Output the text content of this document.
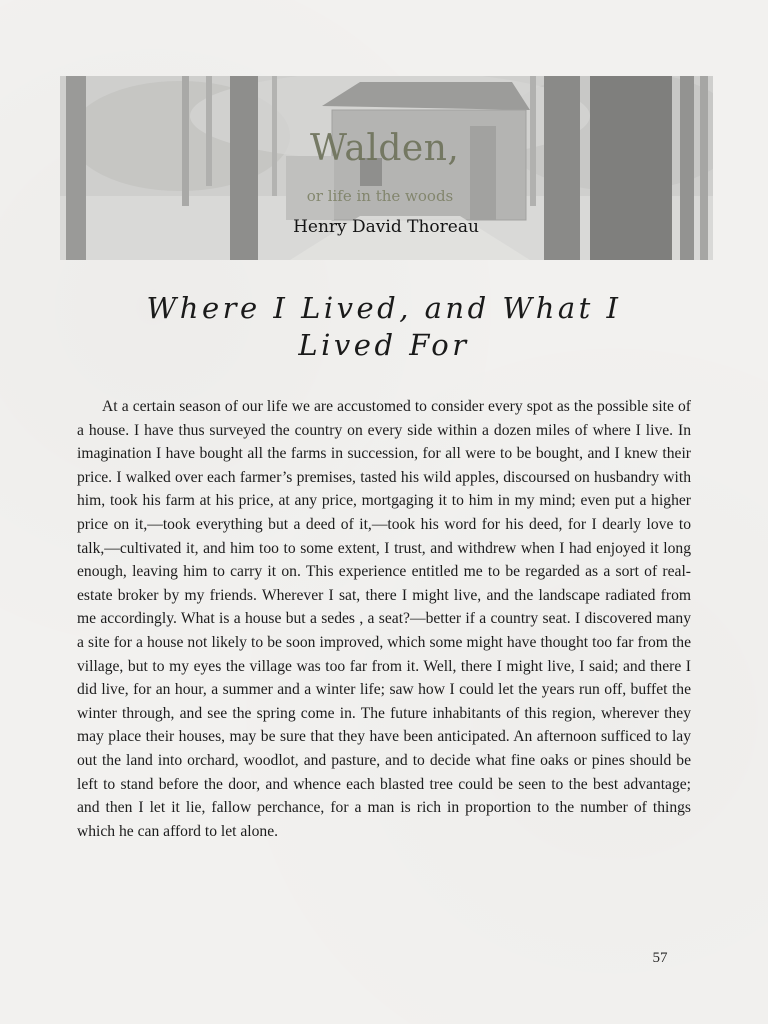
Walden,
or life in the woods
Henry David Thoreau
Where I Lived, and What I Lived For

At a certain season of our life we are accustomed to consider every spot as the possible site of a house. I have thus surveyed the country on every side within a dozen miles of where I live. In imagination I have bought all the farms in succession, for all were to be bought, and I knew their price. I walked over each farmer’s premises, tasted his wild apples, discoursed on husbandry with him, took his farm at his price, at any price, mortgaging it to him in my mind; even put a higher price on it,—took everything but a deed of it,—took his word for his deed, for I dearly love to talk,—cultivated it, and him too to some extent, I trust, and withdrew when I had enjoyed it long enough, leaving him to carry it on. This experience entitled me to be regarded as a sort of real-estate broker by my friends. Wherever I sat, there I might live, and the landscape radiated from me accordingly. What is a house but a sedes , a seat?—better if a country seat. I discovered many a site for a house not likely to be soon improved, which some might have thought too far from the village, but to my eyes the village was too far from it. Well, there I might live, I said; and there I did live, for an hour, a summer and a winter life; saw how I could let the years run off, buffet the winter through, and see the spring come in. The future inhabitants of this region, wherever they may place their houses, may be sure that they have been anticipated. An afternoon sufficed to lay out the land into orchard, woodlot, and pasture, and to decide what fine oaks or pines should be left to stand before the door, and whence each blasted tree could be seen to the best advantage; and then I let it lie, fallow perchance, for a man is rich in proportion to the number of things which he can afford to let alone.

57
